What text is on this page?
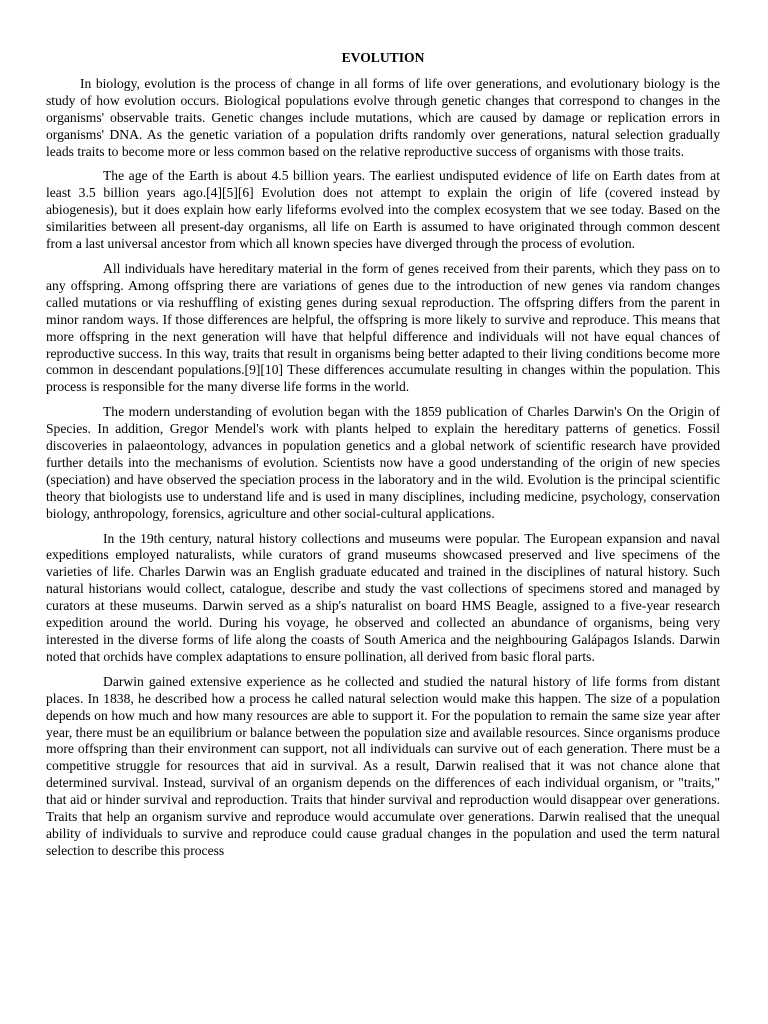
EVOLUTION

In biology, evolution is the process of change in all forms of life over generations, and evolutionary biology is the study of how evolution occurs. Biological populations evolve through genetic changes that correspond to changes in the organisms' observable traits. Genetic changes include mutations, which are caused by damage or replication errors in organisms' DNA. As the genetic variation of a population drifts randomly over generations, natural selection gradually leads traits to become more or less common based on the relative reproductive success of organisms with those traits.

The age of the Earth is about 4.5 billion years. The earliest undisputed evidence of life on Earth dates from at least 3.5 billion years ago.[4][5][6] Evolution does not attempt to explain the origin of life (covered instead by abiogenesis), but it does explain how early lifeforms evolved into the complex ecosystem that we see today. Based on the similarities between all present-day organisms, all life on Earth is assumed to have originated through common descent from a last universal ancestor from which all known species have diverged through the process of evolution.

All individuals have hereditary material in the form of genes received from their parents, which they pass on to any offspring. Among offspring there are variations of genes due to the introduction of new genes via random changes called mutations or via reshuffling of existing genes during sexual reproduction. The offspring differs from the parent in minor random ways. If those differences are helpful, the offspring is more likely to survive and reproduce. This means that more offspring in the next generation will have that helpful difference and individuals will not have equal chances of reproductive success. In this way, traits that result in organisms being better adapted to their living conditions become more common in descendant populations.[9][10] These differences accumulate resulting in changes within the population. This process is responsible for the many diverse life forms in the world.

The modern understanding of evolution began with the 1859 publication of Charles Darwin's On the Origin of Species. In addition, Gregor Mendel's work with plants helped to explain the hereditary patterns of genetics. Fossil discoveries in palaeontology, advances in population genetics and a global network of scientific research have provided further details into the mechanisms of evolution. Scientists now have a good understanding of the origin of new species (speciation) and have observed the speciation process in the laboratory and in the wild. Evolution is the principal scientific theory that biologists use to understand life and is used in many disciplines, including medicine, psychology, conservation biology, anthropology, forensics, agriculture and other social-cultural applications.

In the 19th century, natural history collections and museums were popular. The European expansion and naval expeditions employed naturalists, while curators of grand museums showcased preserved and live specimens of the varieties of life. Charles Darwin was an English graduate educated and trained in the disciplines of natural history. Such natural historians would collect, catalogue, describe and study the vast collections of specimens stored and managed by curators at these museums. Darwin served as a ship's naturalist on board HMS Beagle, assigned to a five-year research expedition around the world. During his voyage, he observed and collected an abundance of organisms, being very interested in the diverse forms of life along the coasts of South America and the neighbouring Galápagos Islands. Darwin noted that orchids have complex adaptations to ensure pollination, all derived from basic floral parts.

Darwin gained extensive experience as he collected and studied the natural history of life forms from distant places. In 1838, he described how a process he called natural selection would make this happen. The size of a population depends on how much and how many resources are able to support it. For the population to remain the same size year after year, there must be an equilibrium or balance between the population size and available resources. Since organisms produce more offspring than their environment can support, not all individuals can survive out of each generation. There must be a competitive struggle for resources that aid in survival. As a result, Darwin realised that it was not chance alone that determined survival. Instead, survival of an organism depends on the differences of each individual organism, or "traits," that aid or hinder survival and reproduction. Traits that hinder survival and reproduction would disappear over generations. Traits that help an organism survive and reproduce would accumulate over generations. Darwin realised that the unequal ability of individuals to survive and reproduce could cause gradual changes in the population and used the term natural selection to describe this process
